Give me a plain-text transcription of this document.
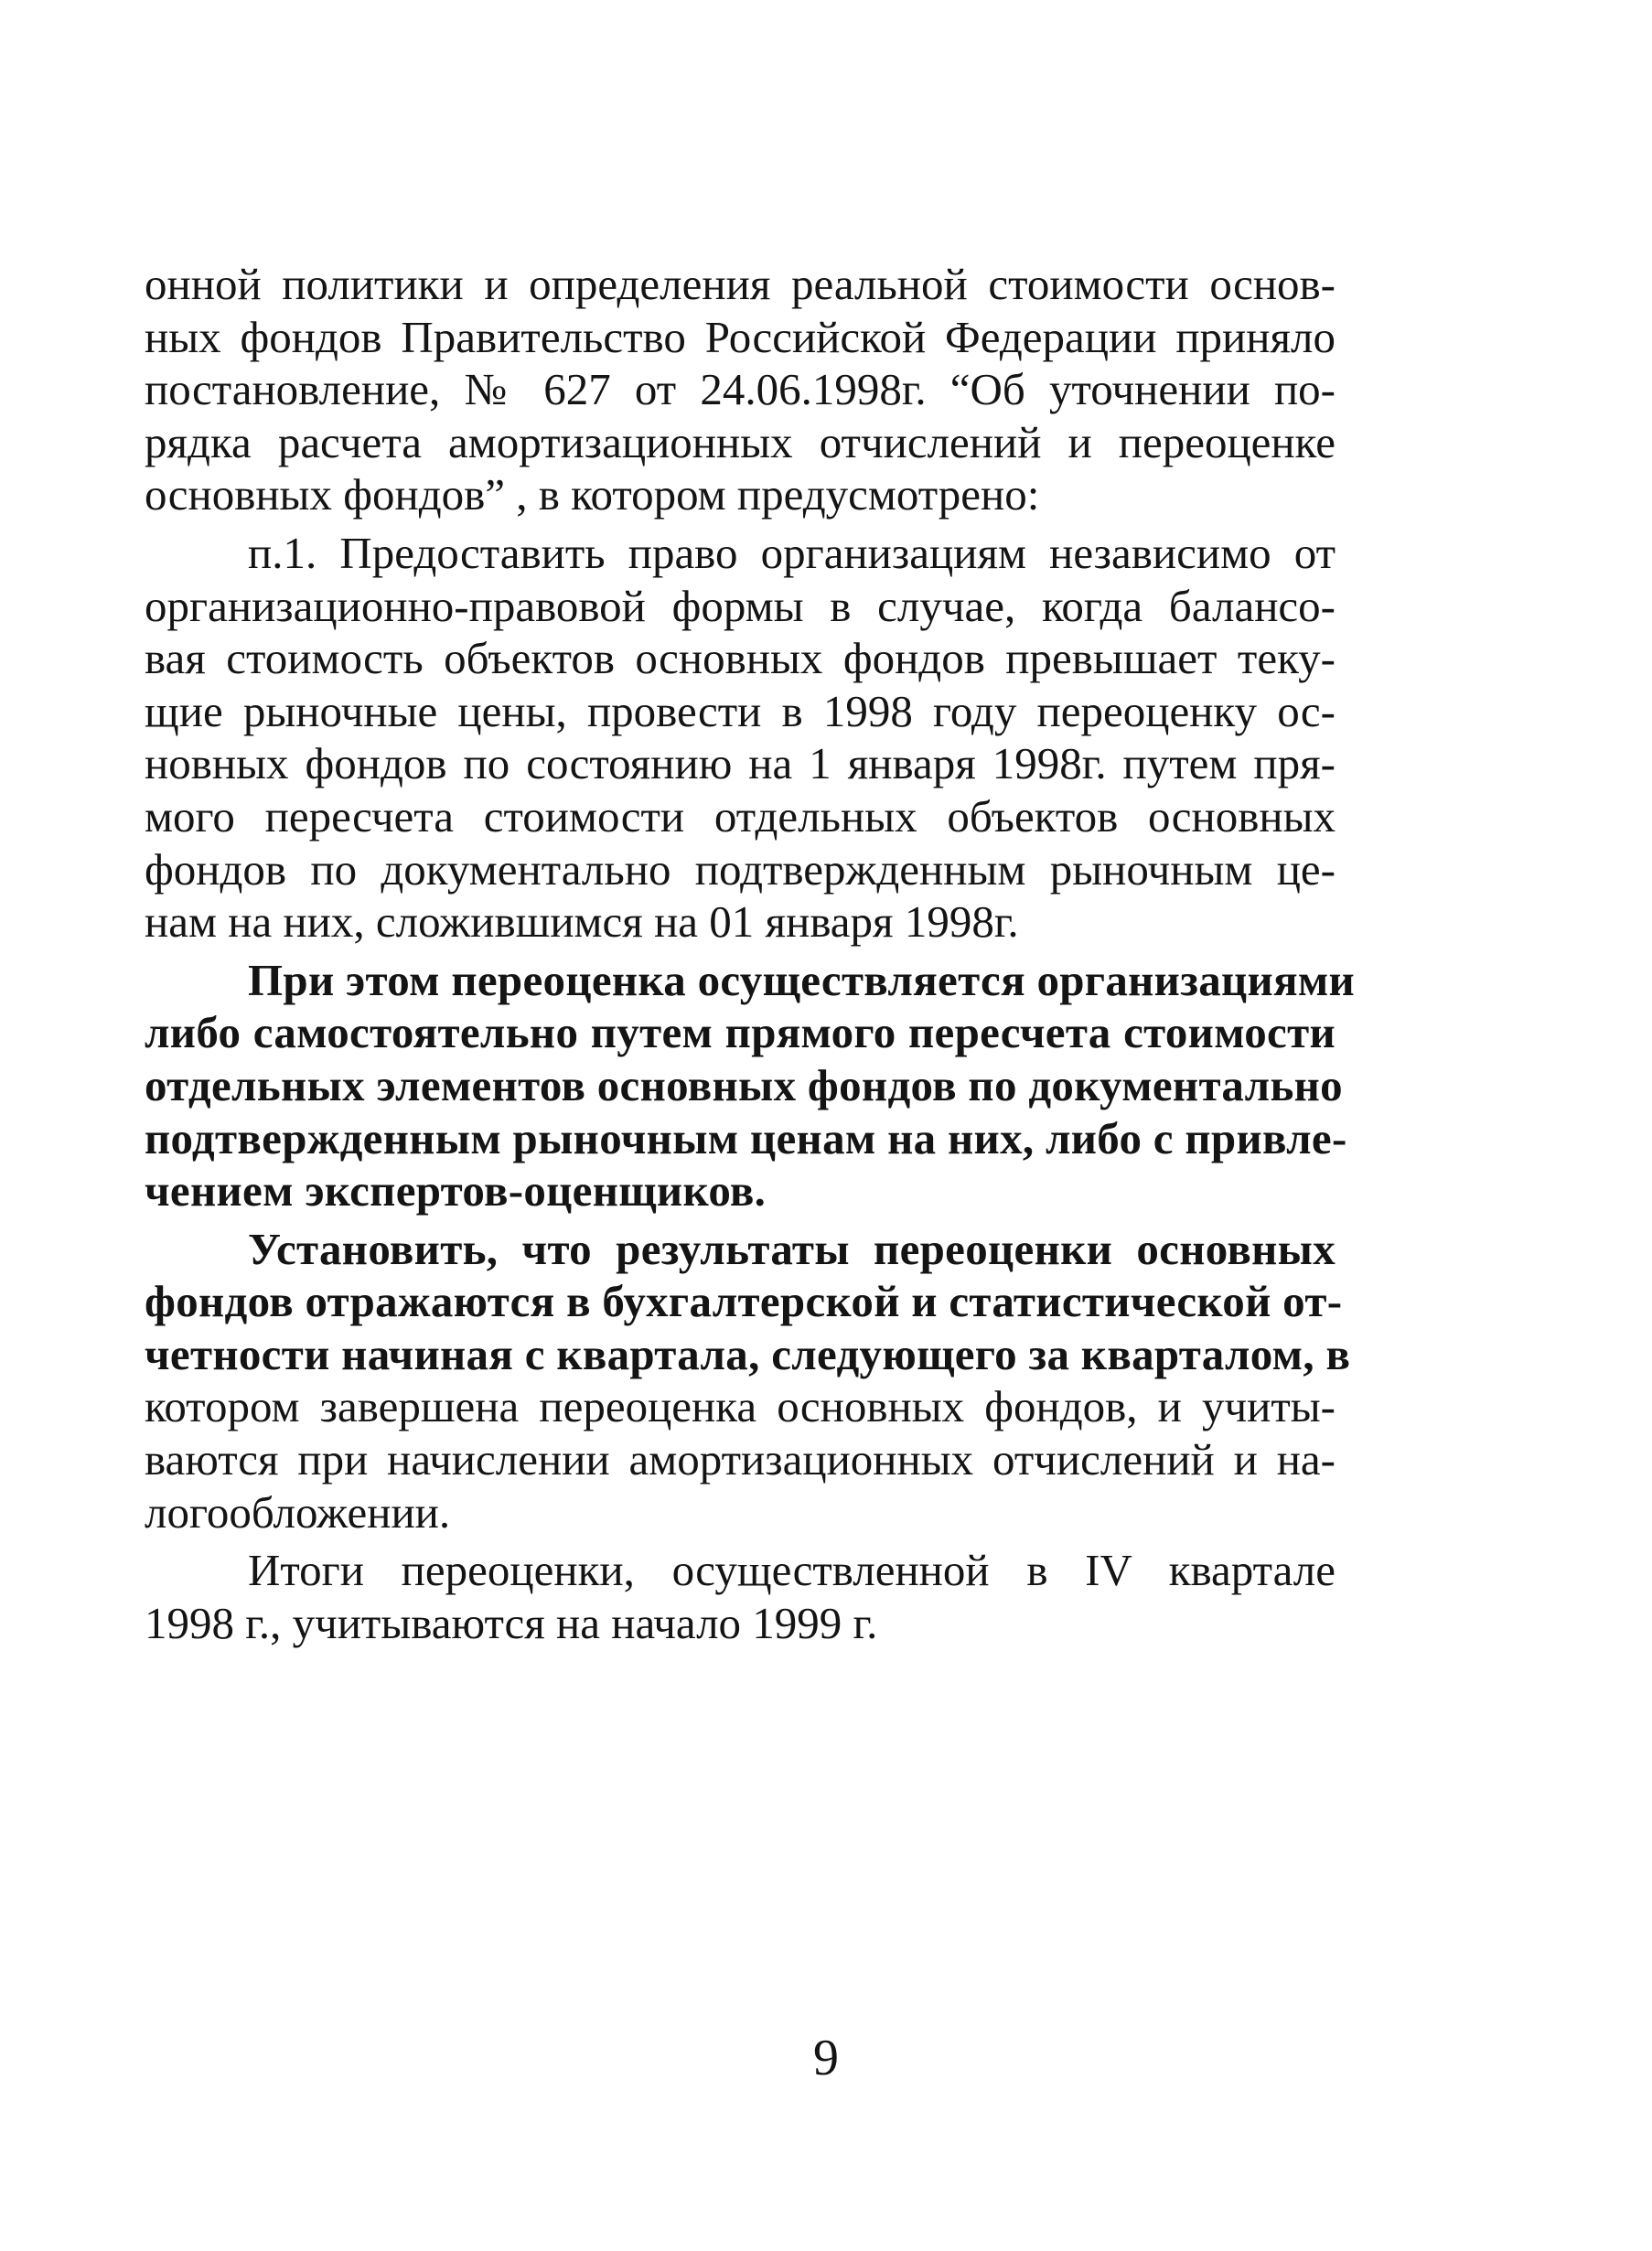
онной политики и определения реальной стоимости основ-
ных фондов Правительство Российской Федерации приняло
постановление, № 627 от 24.06.1998г. “Об уточнении по-
рядка расчета амортизационных отчислений и переоценке
основных фондов” , в котором предусмотрено:
п.1. Предоставить право организациям независимо от
организационно-правовой формы в случае, когда балансо-
вая стоимость объектов основных фондов превышает теку-
щие рыночные цены, провести в 1998 году переоценку ос-
новных фондов по состоянию на 1 января 1998г. путем пря-
мого пересчета стоимости отдельных объектов основных
фондов по документально подтвержденным рыночным це-
нам на них, сложившимся на 01 января 1998г.
При этом переоценка осуществляется организациями
либо самостоятельно путем прямого пересчета стоимости
отдельных элементов основных фондов по документально
подтвержденным рыночным ценам на них, либо с привле-
чением экспертов-оценщиков.
Установить, что результаты переоценки основных
фондов отражаются в бухгалтерской и статистической от-
четности начиная с квартала, следующего за кварталом, в
котором завершена переоценка основных фондов, и учиты-
ваются при начислении амортизационных отчислений и на-
логообложении.
Итоги переоценки, осуществленной в IV квартале
1998 г., учитываются на начало 1999 г.
9
